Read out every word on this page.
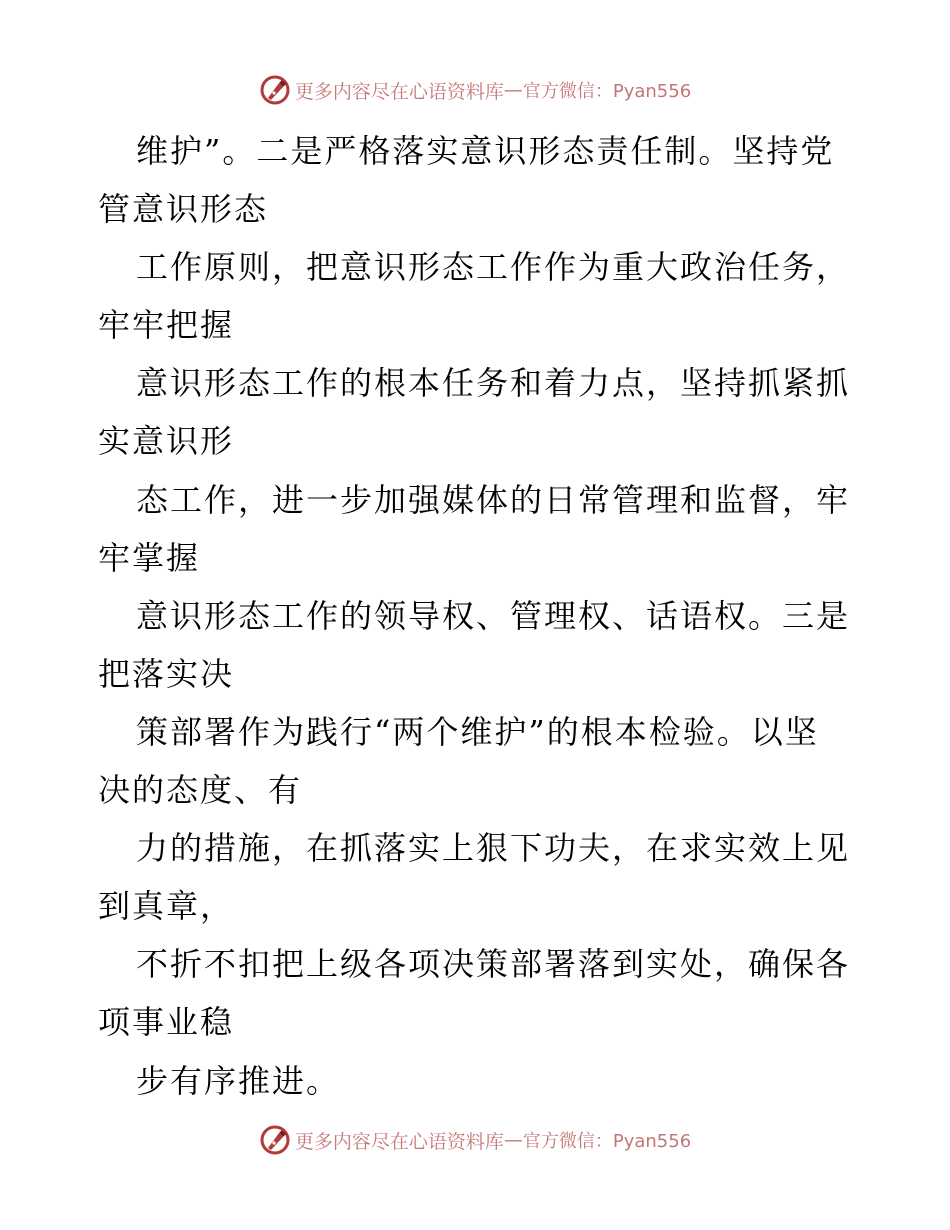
更多内容尽在心语资料库 — 官方微信：Pyan556
维护”。二是严格落实意识形态责任制。坚持党
管意识形态
工作原则，把意识形态工作作为重大政治任务，
牢牢把握
意识形态工作的根本任务和着力点，坚持抓紧抓
实意识形
态工作，进一步加强媒体的日常管理和监督，牢
牢掌握
意识形态工作的领导权、管理权、话语权。三是
把落实决
策部署作为践行“两个维护”的根本检验。以坚
决的态度、有
力的措施，在抓落实上狠下功夫，在求实效上见
到真章，
不折不扣把上级各项决策部署落到实处，确保各
项事业稳
步有序推进。
更多内容尽在心语资料库 — 官方微信：Pyan556
